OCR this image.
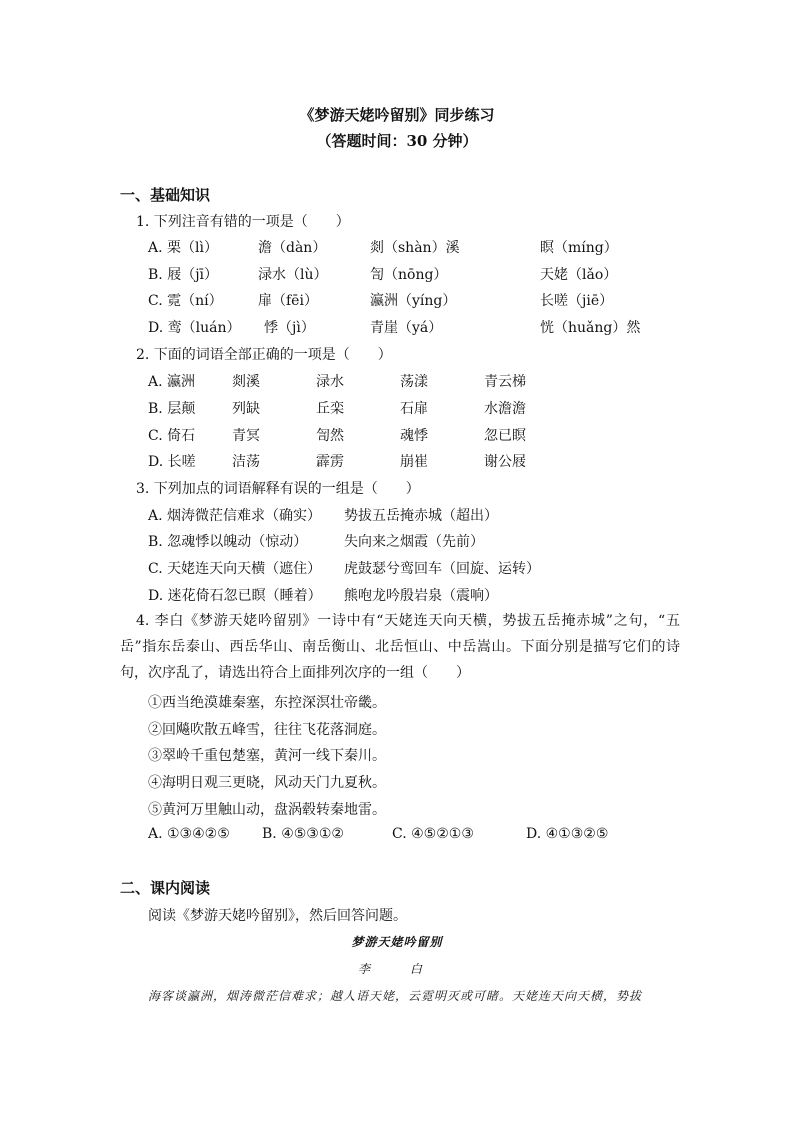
《梦游天姥吟留别》同步练习
（答题时间：30 分钟）
一、基础知识
1. 下列注音有错的一项是（　　）
A. 栗（lì）	澹（dàn）	剡（shàn）溪	瞑（míng）
B. 屐（jī）	渌水（lù）	訇（nōng）	天姥（lǎo）
C. 霓（ní）	扉（fēi）	瀛洲（yíng）	长嗟（jiē）
D. 鸾（luán） 悸（jì）	青崖（yá）	恍（huǎng）然
2. 下面的词语全部正确的一项是（　　）
A. 瀛洲	剡溪	渌水	荡漾	青云梯
B. 层颠	列缺	丘栾	石扉	水澹澹
C. 倚石	青冥	訇然	魂悸	忽已瞑
D. 长嗟	洁荡	霹雳	崩崔	谢公屐
3. 下列加点的词语解释有误的一组是（　　）
A. 烟涛微茫信难求（确实） 势拔五岳掩赤城（超出）
B. 忽魂悸以魄动（惊动）	失向来之烟霞（先前）
C. 天姥连天向天横（遮住） 虎鼓瑟兮鸾回车（回旋、运转）
D. 迷花倚石忽已瞑（睡着） 熊咆龙吟殷岩泉（震响）
4. 李白《梦游天姥吟留别》一诗中有“天姥连天向天横，势拔五岳掩赤城”之句，“五岳”指东岳泰山、西岳华山、南岳衡山、北岳恒山、中岳嵩山。下面分别是描写它们的诗句，次序乱了，请选出符合上面排列次序的一组（　　）
①西当绝漠雄秦塞，东控深溟壮帝畿。
②回飚吹散五峰雪，往往飞花落洞庭。
③翠岭千重包楚塞，黄河一线下秦川。
④海明日观三更晓，风动天门九夏秋。
⑤黄河万里触山动，盘涡毂转秦地雷。
A. ①③④②⑤ B. ④⑤③①②	C. ④⑤②①③	D. ④①③②⑤
二、课内阅读
阅读《梦游天姥吟留别》，然后回答问题。
梦游天姥吟留别
李　白
海客谈瀛洲，烟涛微茫信难求；越人语天姥，云霓明灭或可睹。天姥连天向天横，势拔
